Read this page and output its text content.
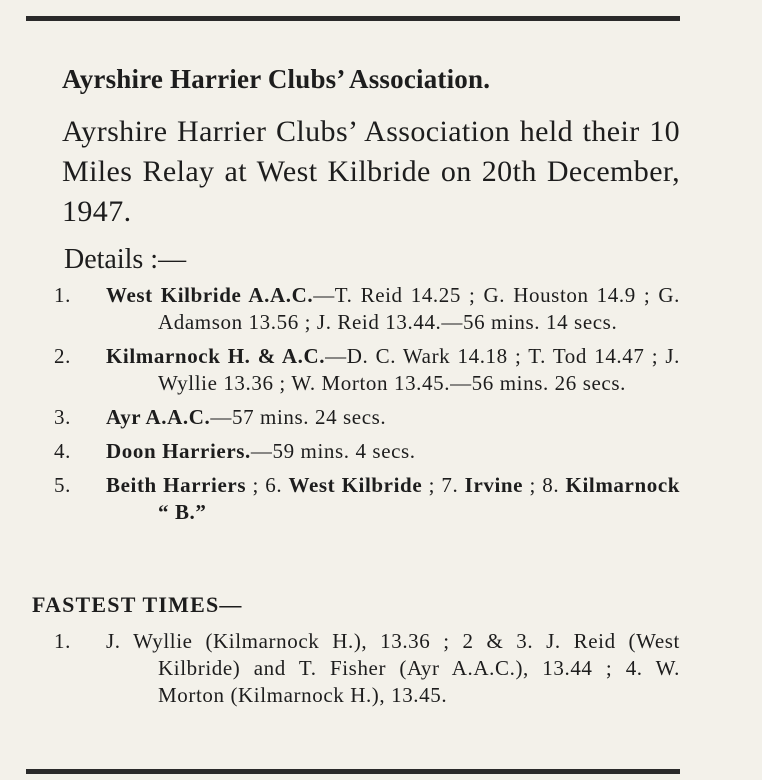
Ayrshire Harrier Clubs’ Association.
Ayrshire Harrier Clubs’ Association held their 10 Miles Relay at West Kilbride on 20th December, 1947.
Details :—
1. West Kilbride A.A.C.—T. Reid 14.25 ; G. Houston 14.9 ; G. Adamson 13.56 ; J. Reid 13.44.—56 mins. 14 secs.
2. Kilmarnock H. & A.C.—D. C. Wark 14.18 ; T. Tod 14.47 ; J. Wyllie 13.36 ; W. Morton 13.45.—56 mins. 26 secs.
3. Ayr A.A.C.—57 mins. 24 secs.
4. Doon Harriers.—59 mins. 4 secs.
5. Beith Harriers ; 6. West Kilbride ; 7. Irvine ; 8. Kilmarnock “ B.”
FASTEST TIMES—
1. J. Wyllie (Kilmarnock H.), 13.36 ; 2 & 3. J. Reid (West Kilbride) and T. Fisher (Ayr A.A.C.), 13.44 ; 4. W. Morton (Kilmarnock H.), 13.45.
